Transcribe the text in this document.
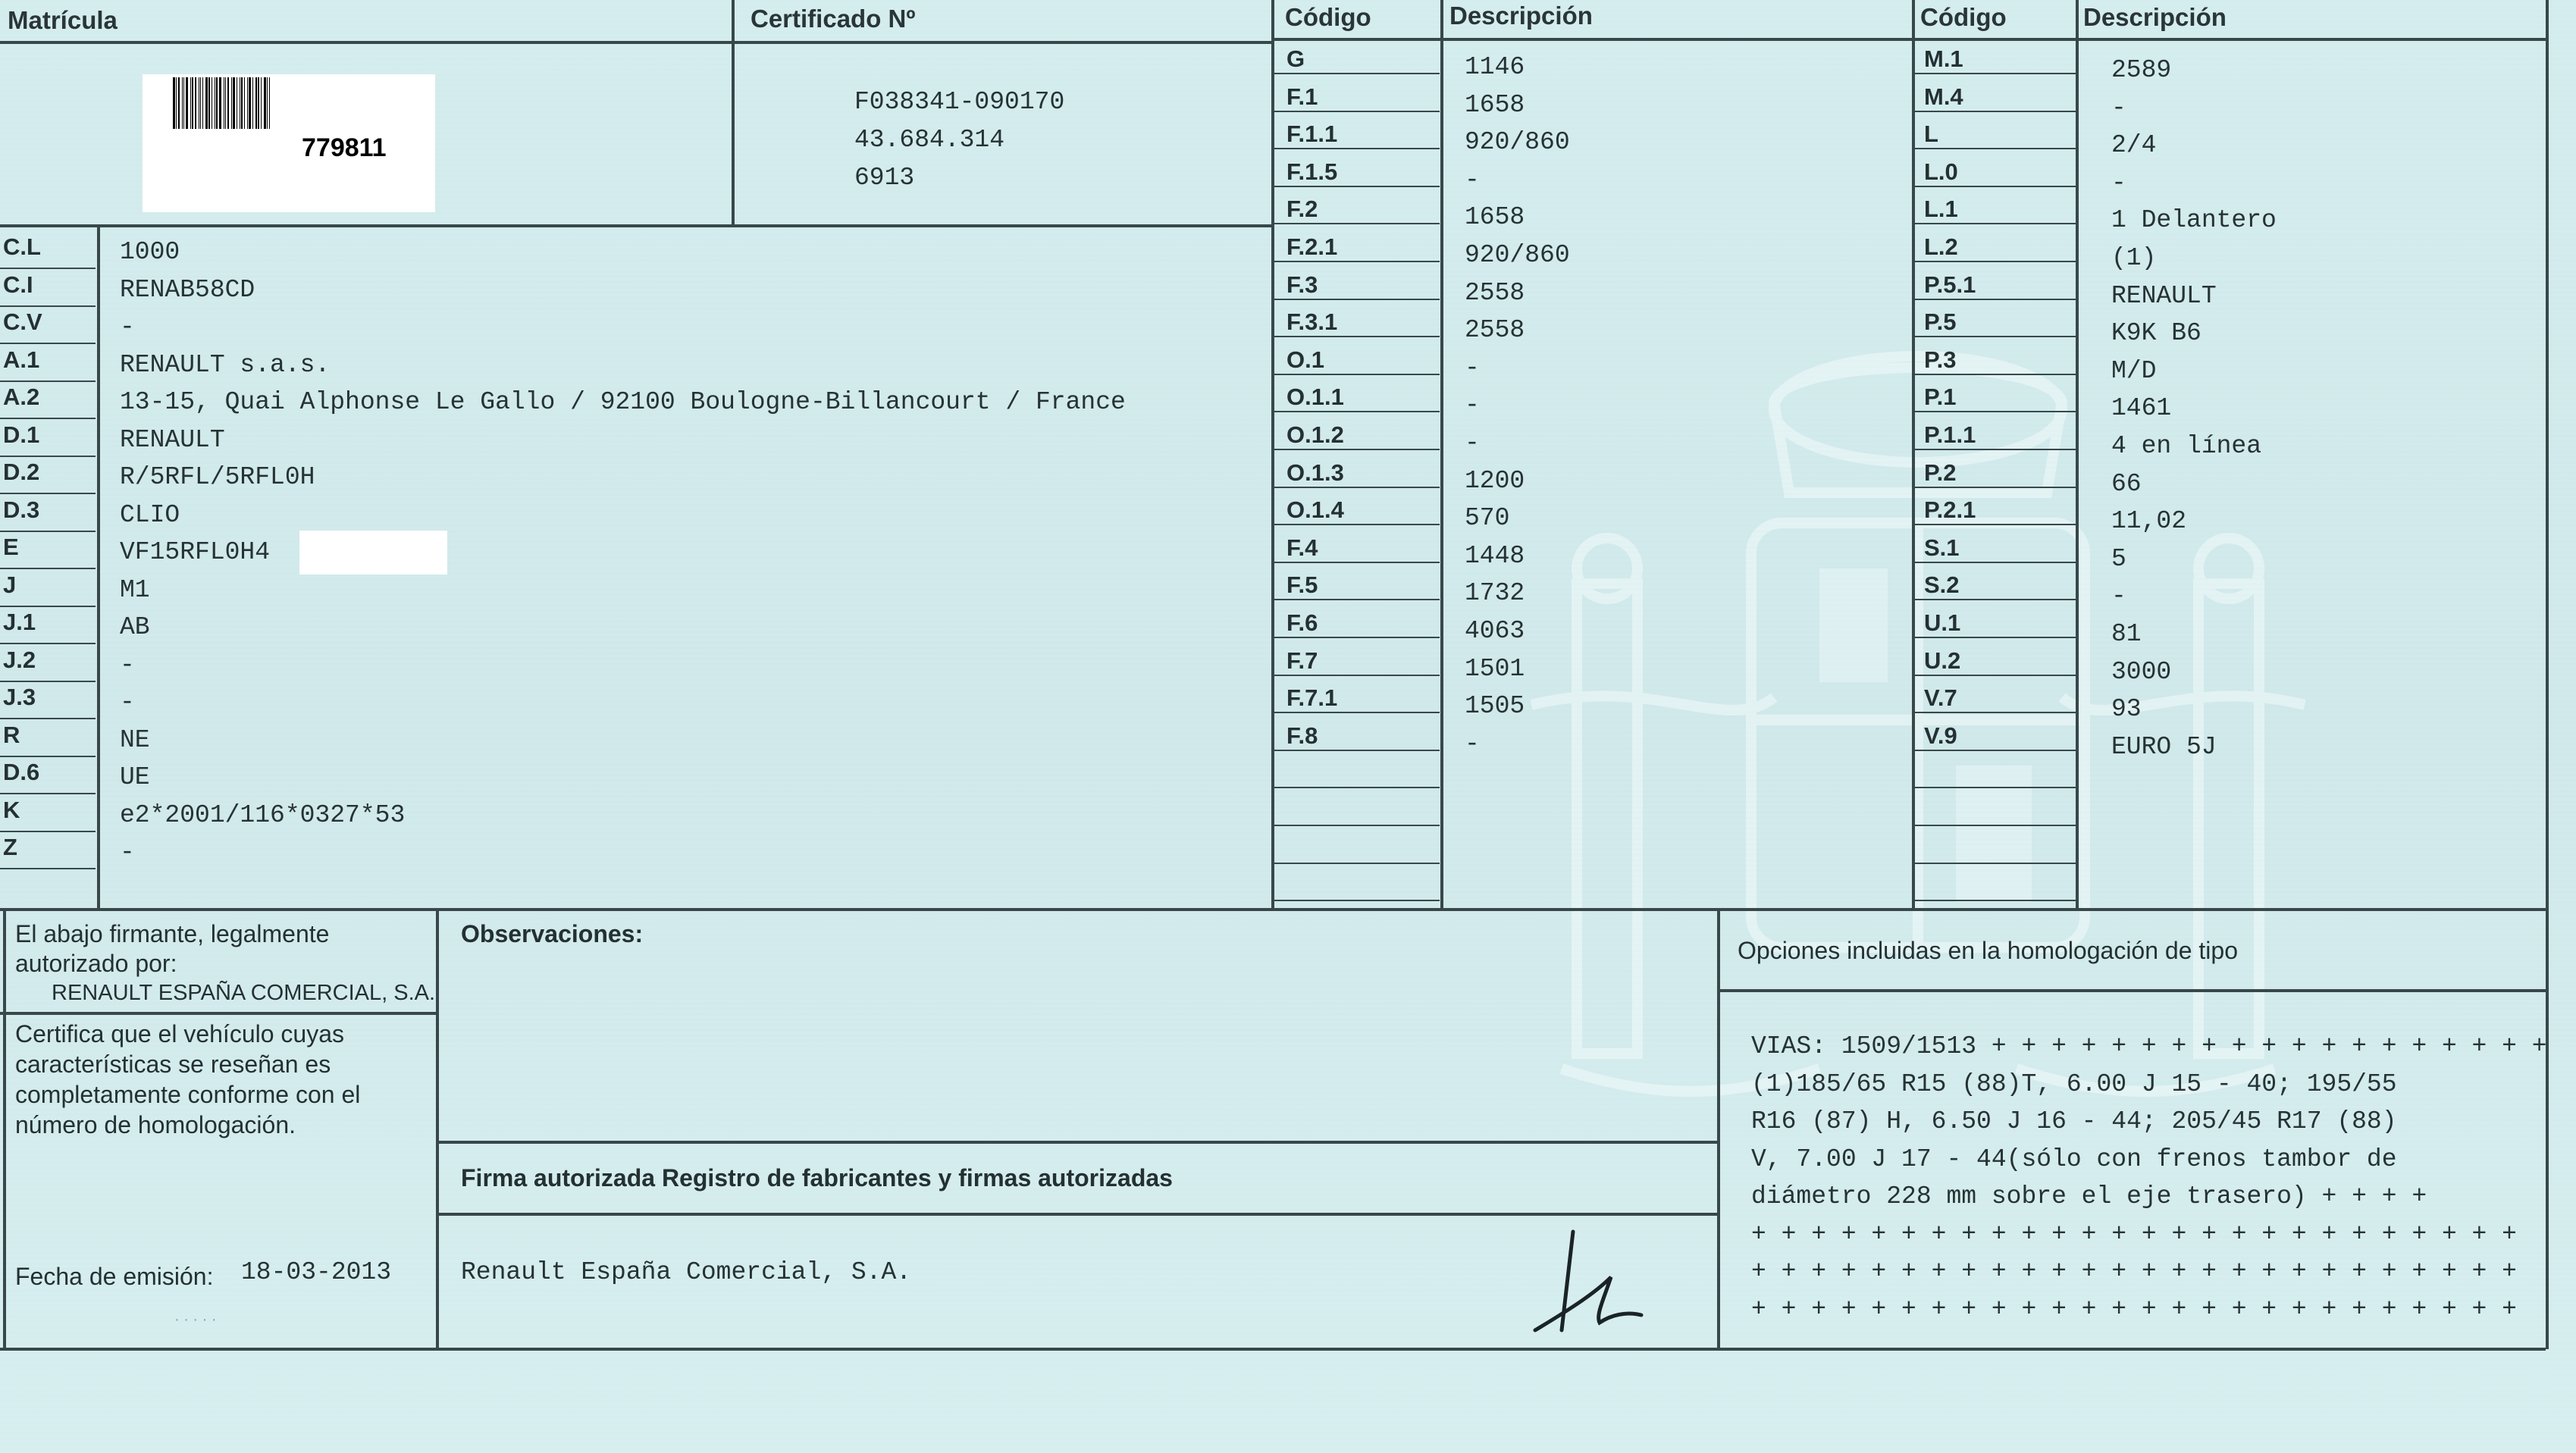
Matrícula	Certificado Nº	Código	Descripción	Código	Descripción
779811
El abajo firmante, legalmente
autorizado por:
RENAULT ESPAÑA COMERCIAL, S.A.
Fecha de emisión: 18-03-2013
Observaciones:
Firma autorizada Registro de fabricantes y firmas autorizadas
Renault España Comercial, S.A.
Opciones incluidas en la homologación de tipo
· · · · ·
F038341-090170
43.684.314
6913
C.L	1000
C.I	RENAB58CD
C.V	-
A.1	RENAULT s.a.s.
A.2	13-15, Quai Alphonse Le Gallo / 92100 Boulogne-Billancourt / France
D.1	RENAULT
D.2	R/5RFL/5RFL0H
D.3	CLIO
E	VF15RFL0H4
J	M1
J.1	AB
J.2	-
J.3	-
R	NE
D.6	UE
K	e2*2001/116*0327*53
Z	-
G	1146
F.1	1658
F.1.1	920/860
F.1.5	-
F.2	1658
F.2.1	920/860
F.3	2558
F.3.1	2558
O.1	-
O.1.1	-
O.1.2	-
O.1.3	1200
O.1.4	570
F.4	1448
F.5	1732
F.6	4063
F.7	1501
F.7.1	1505
F.8	-
M.1	2589
M.4	-
L	2/4
L.0	-
L.1	1 Delantero
L.2	(1)
P.5.1	RENAULT
P.5	K9K B6
P.3	M/D
P.1	1461
P.1.1	4 en línea
P.2	66
P.2.1	11,02
S.1	5
S.2	-
U.1	81
U.2	3000
V.7	93
V.9	EURO 5J
Certifica que el vehículo cuyas
características se reseñan es
completamente conforme con el
número de homologación.
VIAS: 1509/1513 + + + + + + + + + + + + + + + + + + +
(1)185/65 R15 (88)T, 6.00 J 15 - 40; 195/55
R16 (87) H, 6.50 J 16 - 44; 205/45 R17 (88)
V, 7.00 J 17 - 44(sólo con frenos tambor de
diámetro 228 mm sobre el eje trasero) + + + +
+ + + + + + + + + + + + + + + + + + + + + + + + + +
+ + + + + + + + + + + + + + + + + + + + + + + + + +
+ + + + + + + + + + + + + + + + + + + + + + + + + +
